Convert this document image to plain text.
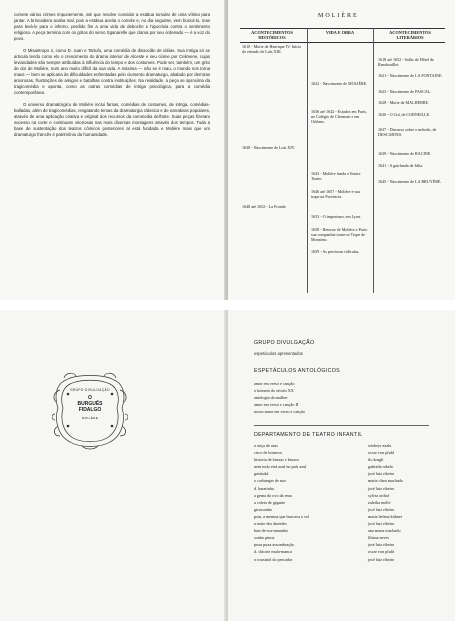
comete vários crimes impunemente, até que resolve convidar a estátua tumular de uma vítima para jantar. A brincadeira acaba mal, pois a estátua aceita o convite e, no dia seguinte, vem buscá-lo, mas para levá-lo para o inferno, perdido fim a uma vida de deboche e hipocrisia contra o sentimento religioso. A peça termina com os gritos do servo Sganarelle que clama por seu ordenado — é a voz do povo.

O Misantropo 4, como D. Juan e Tartufo, uma comédia de dissocião de idéias. Sua intriga só se articula tendo como elo o crescimento do drama interior de Alceste e seu ciúme por Celimene, cujas leviandades são sempre atribuídas à influência do tempo e dos costumes. Pode ser, também, um grito de dor de Molière, num ano muito difícil da sua vida. A máxima — não se é mau, o mundo nos torna maus — bem se aplicaria às dificuldades enfrentadas pelo ciumento dramaturgo, abalado por derrotas amorosas, frustrações de amigos e batalhas contra instituições. Na realidade, a peça se aproxima da tragicomédia e aponta, como as outras comédias de intriga psicológica, para a comédia contemporânea.

O universo dramatúrgico de Molière inclui farsas, comédias de costumes, de intriga, comédias-balladas, além de tragicomédias, resgatando temas da dramaturgia clássica e de narrativas populares, através de uma aplicação criativa e original dos recursos da commedia dell'arte. Suas peças fizeram sucesso na corte e continuam vitoriosas nas mais diversas montagens através dos tempos. Toda a base de sustentação dos teatros cômicos posteriores al está fundada e Molière mais que um dramaturgo francês é patrimônio da humanidade.

MOLIÈRE
ACONTECIMENTOS HISTÓRICOS
VIDA E OBRA	ACONTECIMENTOS LITERÁRIOS
1610 - Morte de Henrique IV. Início do reinado de Luís XIII.
1638 - Nascimento de Luís XIV.
1648 até 1652 - La Fronde.
1622 - Nascimento de MOLIÈRE.
1636 até 1642 - Estudos em Paris, no Colégio de Clermont e em Orléans.
1643 - Molière funda o Ilustre Teatro.
1646 até 1657 - Molière e sua trupe na Província.
1653 - O importuno, em Lyon.
1658 - Retorno de Molière a Paris: sua companhia torna-se Trupe de Monsieur.
1659 - As preciosas ridículas.
1618 até 1652 - Salão do Hôtel de Rambouillet.
1621 - Nascimento de LA FONTAINE.
1623 - Nascimento de PASCAL.
1628 - Morte de MALHERBE.
1636 - O Cid, de CORNEILLE.
1637 - Discurso sobre o método, de DESCARTES.
1639 - Nascimento de RACINE.
1641 - A guirlanda de Júlia.
1645 - Nascimento de LA BRUYÈRE.
GRUPO DIVULGAÇÃO
O
BURGUÊS
FIDALGO
MOLIÈRE
GRUPO DIVULGAÇÃO
espetáculos apresentados
ESPETÁCULOS ANTOLÓGICOS
amor em verso e canção
o homem do século XX
antologia da mulher
amor em verso e canção II
nosso amor em verso e canção
DEPARTAMENTO DE TEATRO INFANTIL
a onça de asas
circo de bonecos
historia de bruxas e bruxos
nem tudo está azul no país azul
goiatuká
o casbanger de noz
d. baratinha
a gema do ovo da ema
a coleta de gigante
girassonho
psiu, a menina que buscava o sol
a noite dos duendes
bon-de-sor-tamanho
sonho pinoa
puxa puxa assombração
d. chicote mula-manca
o rouxinol do pescador
wiebeyr azalu
oscar von pfuhl
ilo krugli
gabriela rabelo
josé luiz ribeiro
maria clara machado
josé luiz ribeiro
sylvia orthof
zaleilia melle
josé luiz ribeiro
maria helena kühner
josé luiz ribeiro
ana maria machado
liliana neves
josé luiz ribeiro
oscar von pfuhl
josé luiz ribeiro
